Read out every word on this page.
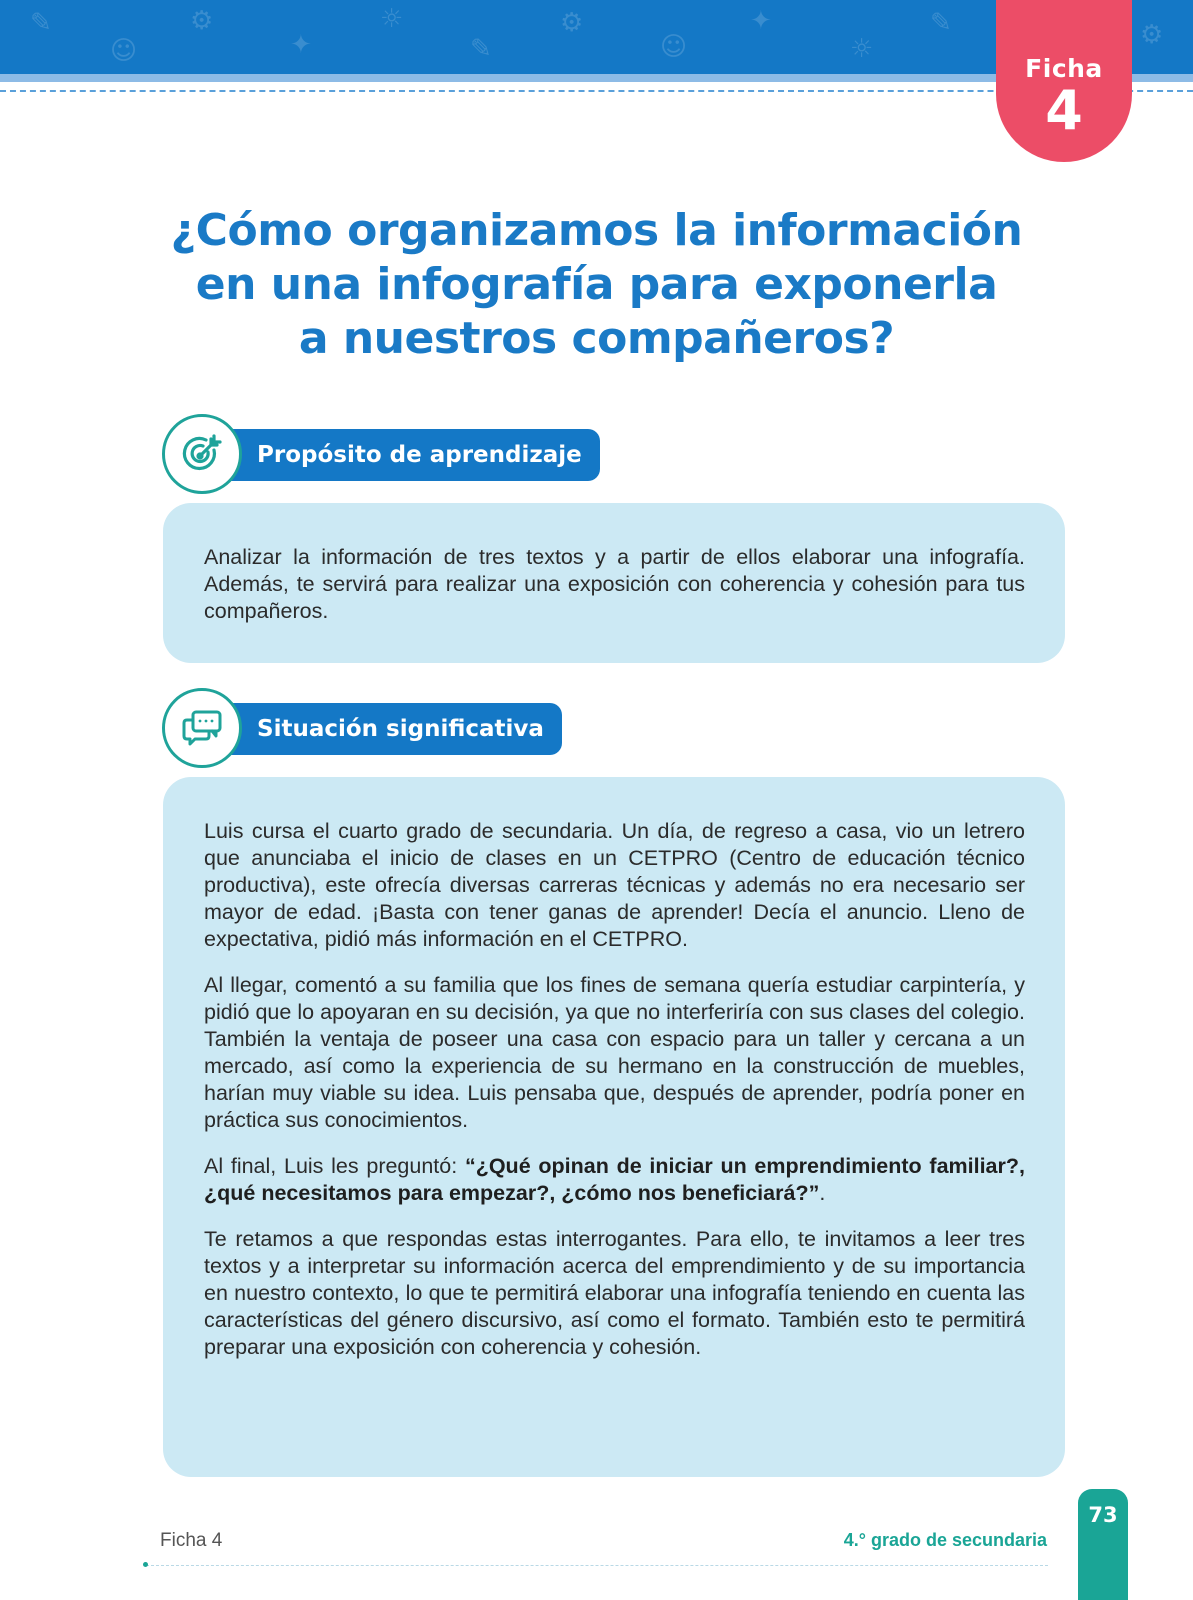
✎
☺
⚙
✦
☼
✎
⚙
☺
✦
☼
✎	⚙
Ficha
4
¿Cómo organizamos la información
en una infografía para exponerla
a nuestros compañeros?
Propósito de aprendizaje

Analizar la información de tres textos y a partir de ellos elaborar una infografía. Además, te servirá para realizar una exposición con coherencia y cohesión para tus compañeros.

Situación significativa

Luis cursa el cuarto grado de secundaria. Un día, de regreso a casa, vio un letrero que anunciaba el inicio de clases en un CETPRO (Centro de educación técnico productiva), este ofrecía diversas carreras técnicas y además no era necesario ser mayor de edad. ¡Basta con tener ganas de aprender! Decía el anuncio. Lleno de expectativa, pidió más información en el CETPRO.

Al llegar, comentó a su familia que los fines de semana quería estudiar carpintería, y pidió que lo apoyaran en su decisión, ya que no interferiría con sus clases del colegio. También la ventaja de poseer una casa con espacio para un taller y cercana a un mercado, así como la experiencia de su hermano en la construcción de muebles, harían muy viable su idea. Luis pensaba que, después de aprender, podría poner en práctica sus conocimientos.

Al final, Luis les preguntó: “¿Qué opinan de iniciar un emprendimiento familiar?, ¿qué necesitamos para empezar?, ¿cómo nos beneficiará?”.

Te retamos a que respondas estas interrogantes. Para ello, te invitamos a leer tres textos y a interpretar su información acerca del emprendimiento y de su importancia en nuestro contexto, lo que te permitirá elaborar una infografía teniendo en cuenta las características del género discursivo, así como el formato. También esto te permitirá preparar una exposición con coherencia y cohesión.

Ficha 4	4.° grado de secundaria
73
